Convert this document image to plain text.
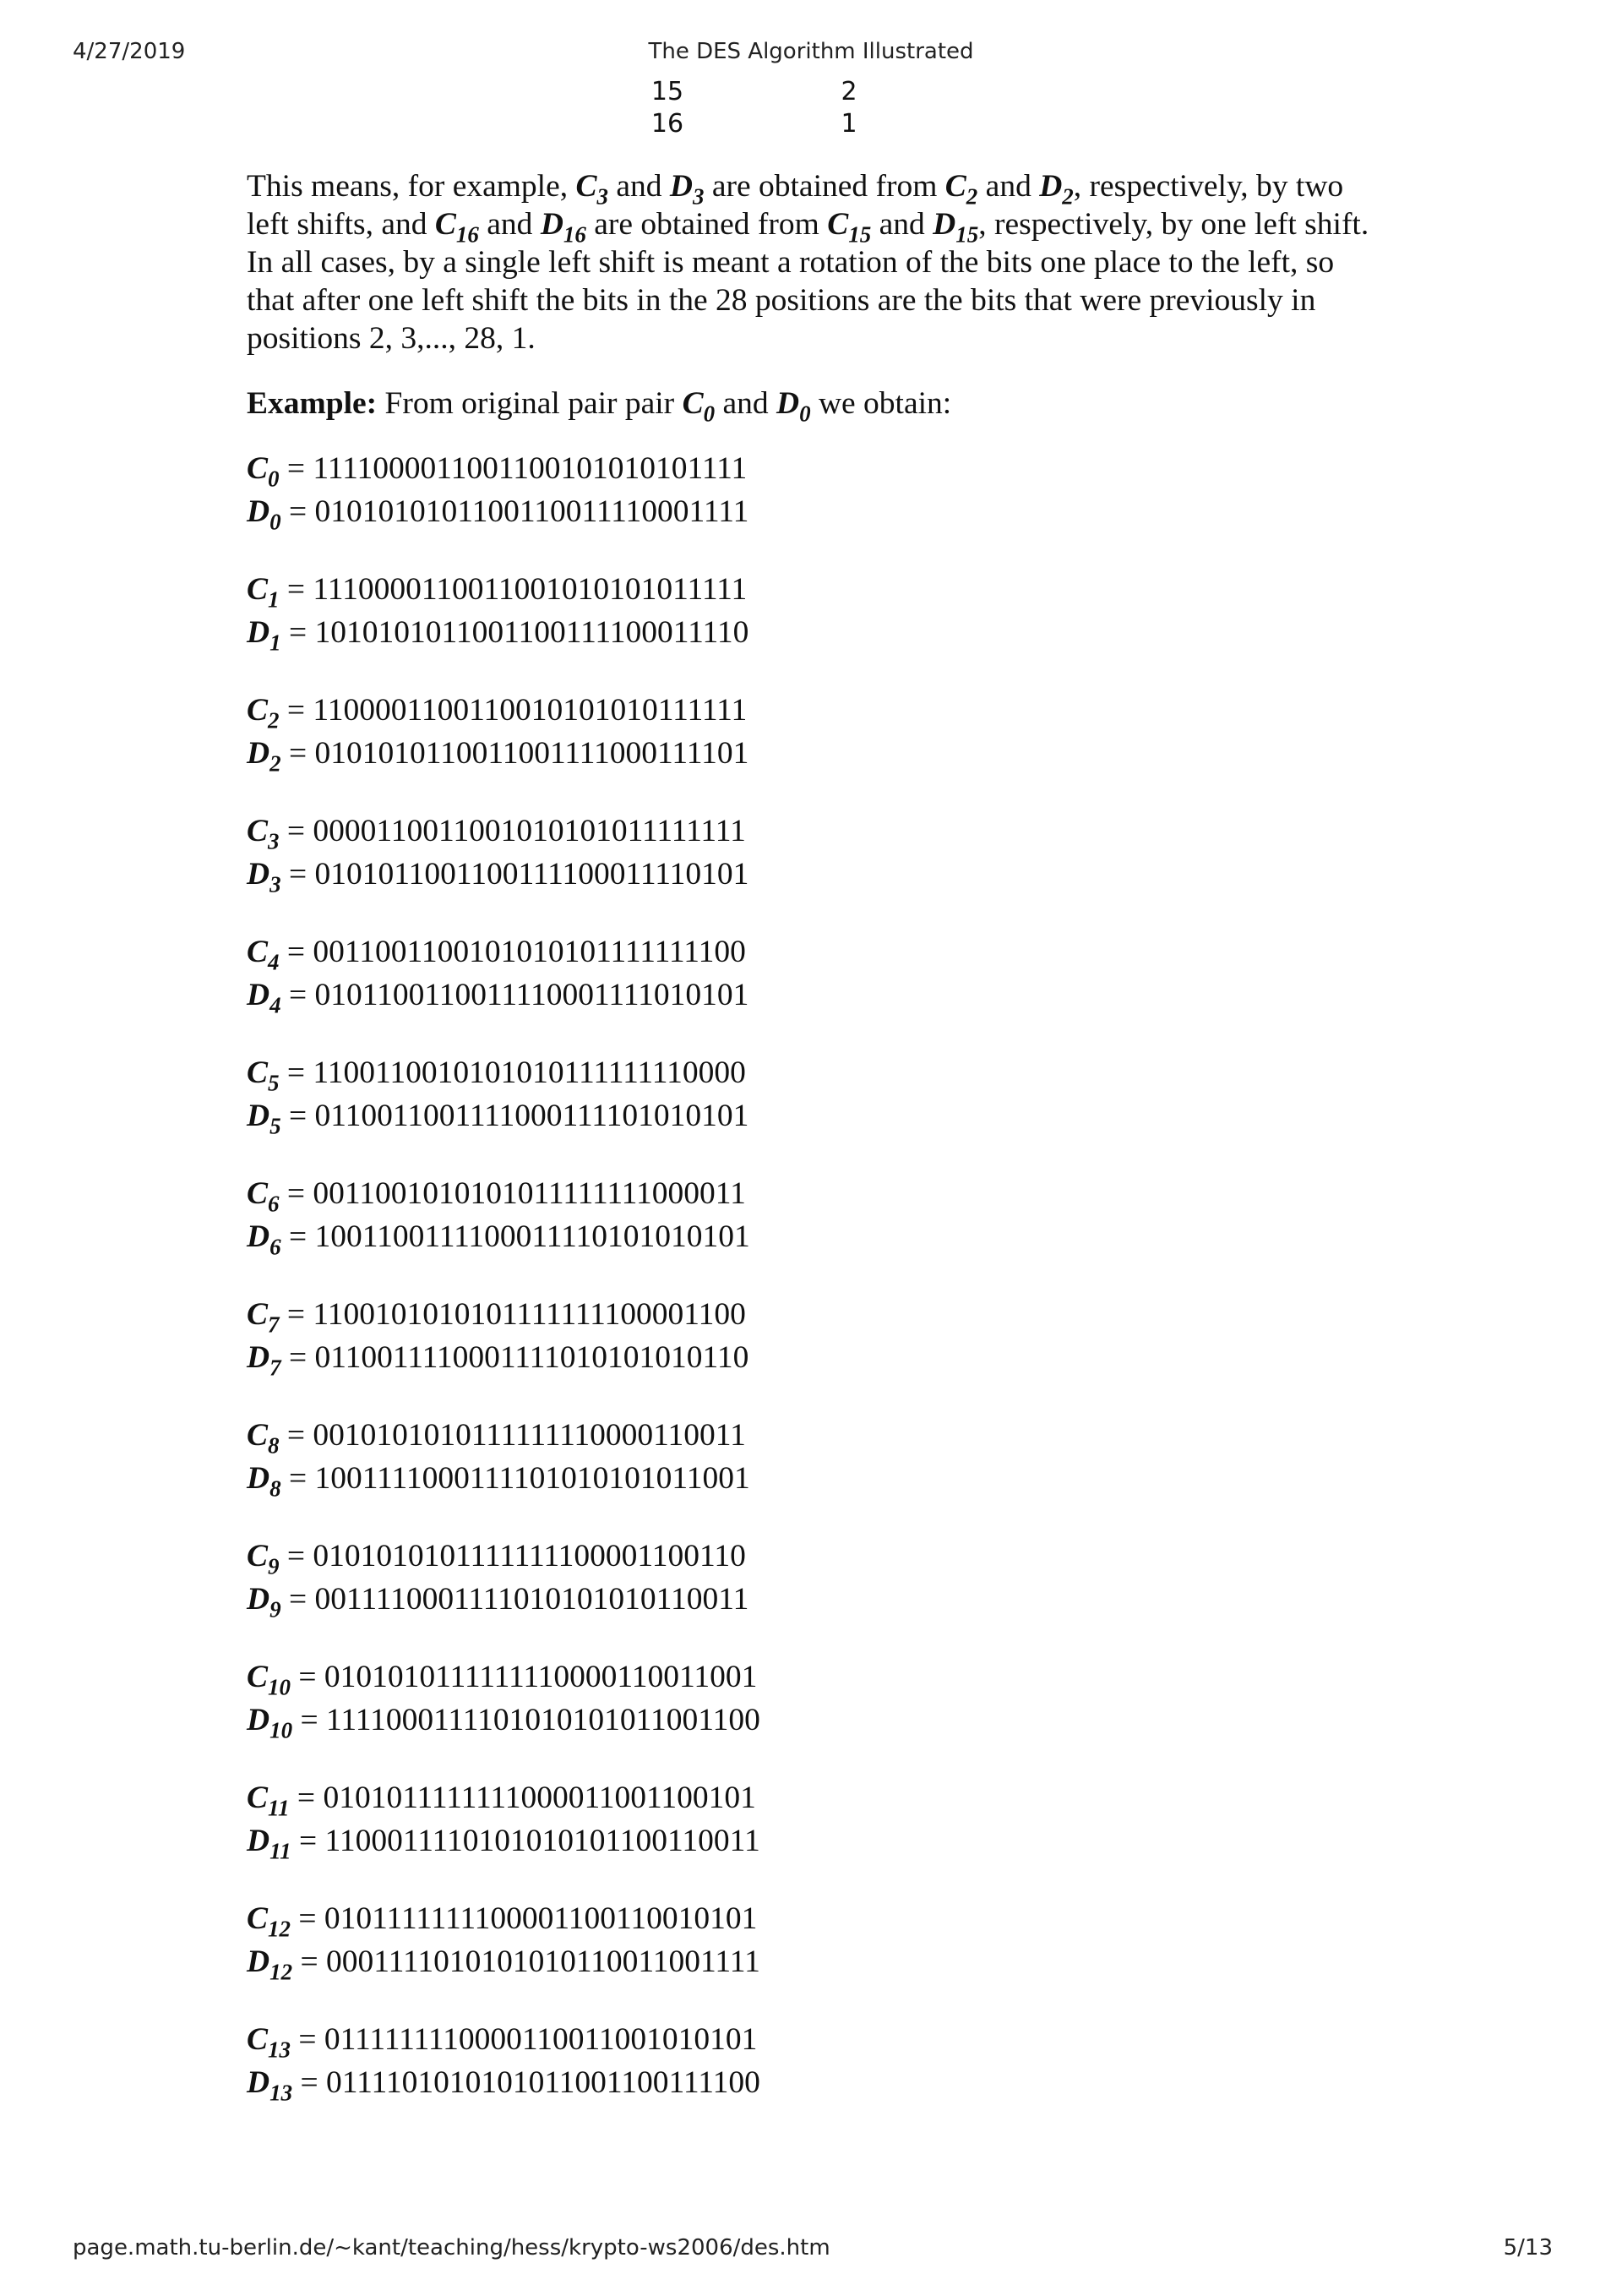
4/27/2019	The DES Algorithm Illustrated
15	2
16	1

This means, for example, $C_3$ and $D_3$ are obtained from $C_2$ and $D_2$, respectively, by two left shifts, and $C_{16}$ and $D_{16}$ are obtained from $C_{15}$ and $D_{15}$, respectively, by one left shift. In all cases, by a single left shift is meant a rotation of the bits one place to the left, so that after one left shift the bits in the 28 positions are the bits that were previously in positions 2, 3,..., 28, 1.

Example: From original pair pair $C_0$ and $D_0$ we obtain:

$C_0 = 1111000011001100101010101111$
$D_0 = 0101010101100110011110001111$
$C_1 = 1110000110011001010101011111$
$D_1 = 1010101011001100111100011110$
$C_2 = 1100001100110010101010111111$
$D_2 = 0101010110011001111000111101$
$C_3 = 0000110011001010101011111111$
$D_3 = 0101011001100111100011110101$
$C_4 = 0011001100101010101111111100$
$D_4 = 0101100110011110001111010101$
$C_5 = 1100110010101010111111110000$
$D_5 = 0110011001111000111101010101$
$C_6 = 0011001010101011111111000011$
$D_6 = 1001100111100011110101010101$
$C_7 = 1100101010101111111100001100$
$D_7 = 0110011110001111010101010110$
$C_8 = 0010101010111111110000110011$
$D_8 = 1001111000111101010101011001$
$C_9 = 0101010101111111100001100110$
$D_9 = 0011110001111010101010110011$
$C_{10} = 0101010111111110000110011001$
$D_{10} = 1111000111101010101011001100$
$C_{11} = 0101011111111000011001100101$
$D_{11} = 1100011110101010101100110011$
$C_{12} = 0101111111100001100110010101$
$D_{12} = 0001111010101010110011001111$
$C_{13} = 0111111110000110011001010101$
$D_{13} = 0111101010101011001100111100$
page.math.tu-berlin.de/~kant/teaching/hess/krypto-ws2006/des.htm	5/13
